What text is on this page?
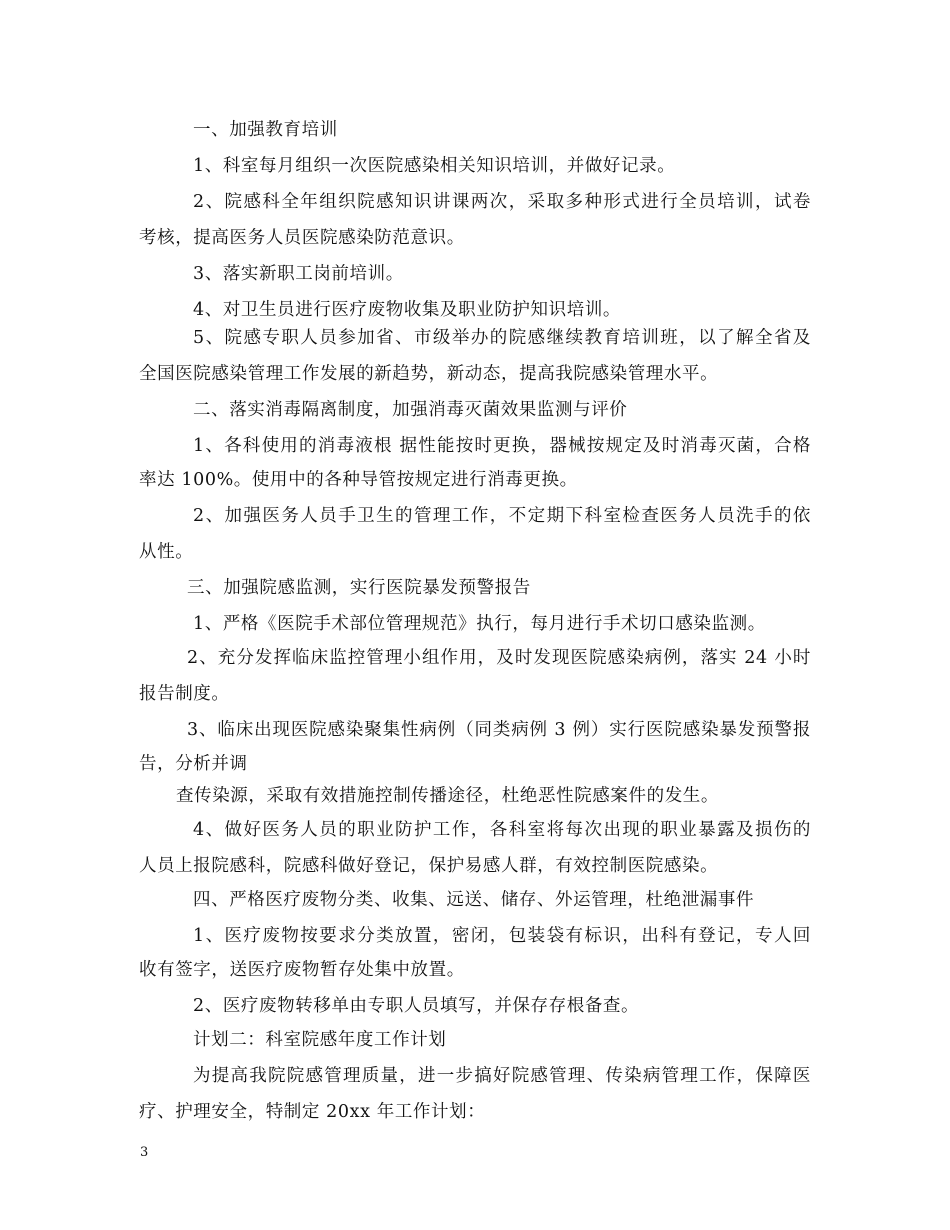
一、加强教育培训
1、科室每月组织一次医院感染相关知识培训，并做好记录。
2、院感科全年组织院感知识讲课两次，采取多种形式进行全员培训，试卷
考核，提高医务人员医院感染防范意识。
3、落实新职工岗前培训。
4、对卫生员进行医疗废物收集及职业防护知识培训。
5、院感专职人员参加省、市级举办的院感继续教育培训班，以了解全省及
全国医院感染管理工作发展的新趋势，新动态，提高我院感染管理水平。
二、落实消毒隔离制度，加强消毒灭菌效果监测与评价
1、各科使用的消毒液根 据性能按时更换，器械按规定及时消毒灭菌，合格
率达 100%。使用中的各种导管按规定进行消毒更换。
2、加强医务人员手卫生的管理工作，不定期下科室检查医务人员洗手的依
从性。
三、加强院感监测，实行医院暴发预警报告
1、严格《医院手术部位管理规范》执行，每月进行手术切口感染监测。
2、充分发挥临床监控管理小组作用，及时发现医院感染病例，落实 24 小时
报告制度。
3、临床出现医院感染聚集性病例（同类病例 3 例）实行医院感染暴发预警报
告，分析并调
查传染源，采取有效措施控制传播途径，杜绝恶性院感案件的发生。
4、做好医务人员的职业防护工作，各科室将每次出现的职业暴露及损伤的
人员上报院感科，院感科做好登记，保护易感人群，有效控制医院感染。
四、严格医疗废物分类、收集、远送、储存、外运管理，杜绝泄漏事件
1、医疗废物按要求分类放置，密闭，包装袋有标识，出科有登记，专人回
收有签字，送医疗废物暂存处集中放置。
2、医疗废物转移单由专职人员填写，并保存存根备查。
计划二：科室院感年度工作计划
为提高我院院感管理质量，进一步搞好院感管理、传染病管理工作，保障医
疗、护理安全，特制定 20xx 年工作计划：
3
